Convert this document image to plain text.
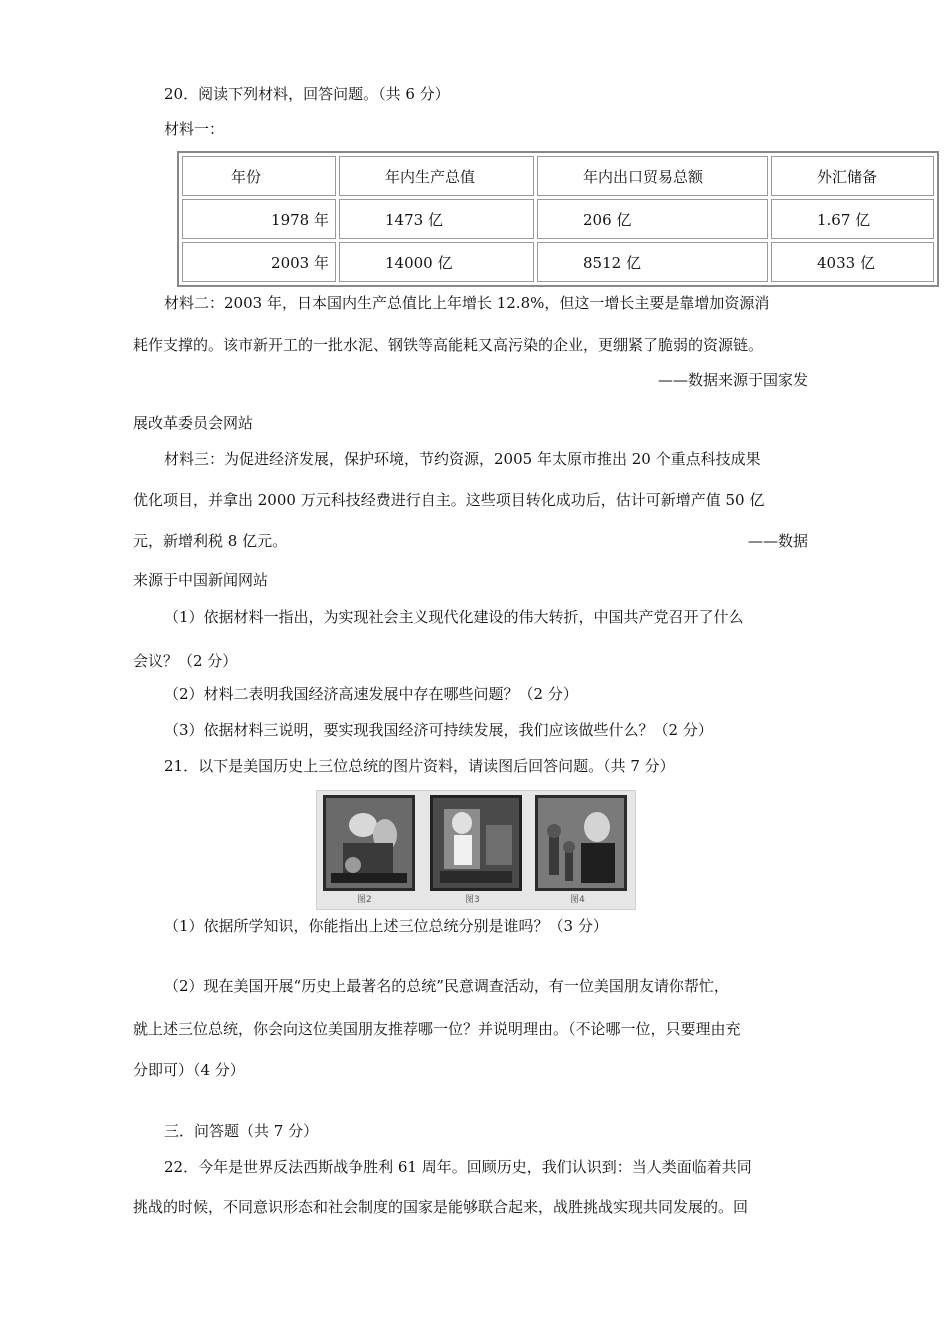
20．阅读下列材料，回答问题。（共 6 分）
材料一：
年份	年内生产总值	年内出口贸易总额	外汇储备
1978 年	1473 亿	206 亿	1.67 亿
2003 年	14000 亿	8512 亿	4033 亿
材料二：2003 年，日本国内生产总值比上年增长 12.8%，但这一增长主要是靠增加资源消
耗作支撑的。该市新开工的一批水泥、钢铁等高能耗又高污染的企业，更绷紧了脆弱的资源链。
——数据来源于国家发
展改革委员会网站
材料三：为促进经济发展，保护环境，节约资源，2005 年太原市推出 20 个重点科技成果
优化项目，并拿出 2000 万元科技经费进行自主。这些项目转化成功后，估计可新增产值 50 亿
元，新增利税 8 亿元。	——数据
来源于中国新闻网站
（1）依据材料一指出，为实现社会主义现代化建设的伟大转折，中国共产党召开了什么
会议？（2 分）
（2）材料二表明我国经济高速发展中存在哪些问题？（2 分）
（3）依据材料三说明，要实现我国经济可持续发展，我们应该做些什么？（2 分）
21．以下是美国历史上三位总统的图片资料，请读图后回答问题。（共 7 分）
图2	图3	图4
（1）依据所学知识，你能指出上述三位总统分别是谁吗？（3 分）
（2）现在美国开展“历史上最著名的总统”民意调查活动，有一位美国朋友请你帮忙，
就上述三位总统，你会向这位美国朋友推荐哪一位？并说明理由。（不论哪一位，只要理由充
分即可）（4 分）
三．问答题（共 7 分）
22．今年是世界反法西斯战争胜利 61 周年。回顾历史，我们认识到：当人类面临着共同
挑战的时候，不同意识形态和社会制度的国家是能够联合起来，战胜挑战实现共同发展的。回
